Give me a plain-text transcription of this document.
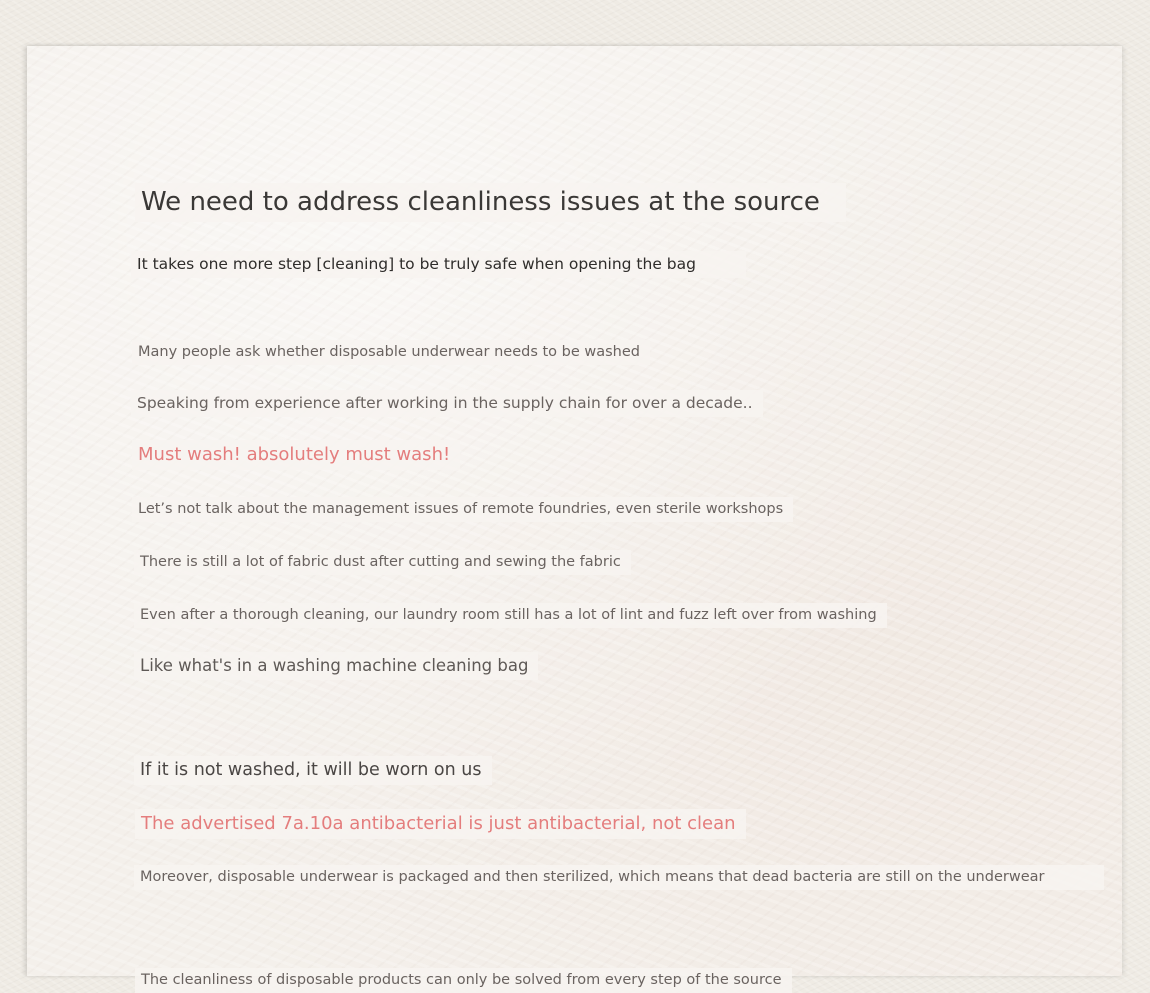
We need to address cleanliness issues at the source
It takes one more step [cleaning] to be truly safe when opening the bag
Many people ask whether disposable underwear needs to be washed
Speaking from experience after working in the supply chain for over a decade..
Must wash! absolutely must wash!
Let’s not talk about the management issues of remote foundries, even sterile workshops
There is still a lot of fabric dust after cutting and sewing the fabric
Even after a thorough cleaning, our laundry room still has a lot of lint and fuzz left over from washing
Like what's in a washing machine cleaning bag
If it is not washed, it will be worn on us
The advertised 7a.10a antibacterial is just antibacterial, not clean
Moreover, disposable underwear is packaged and then sterilized, which means that dead bacteria are still on the underwear
The cleanliness of disposable products can only be solved from every step of the source
